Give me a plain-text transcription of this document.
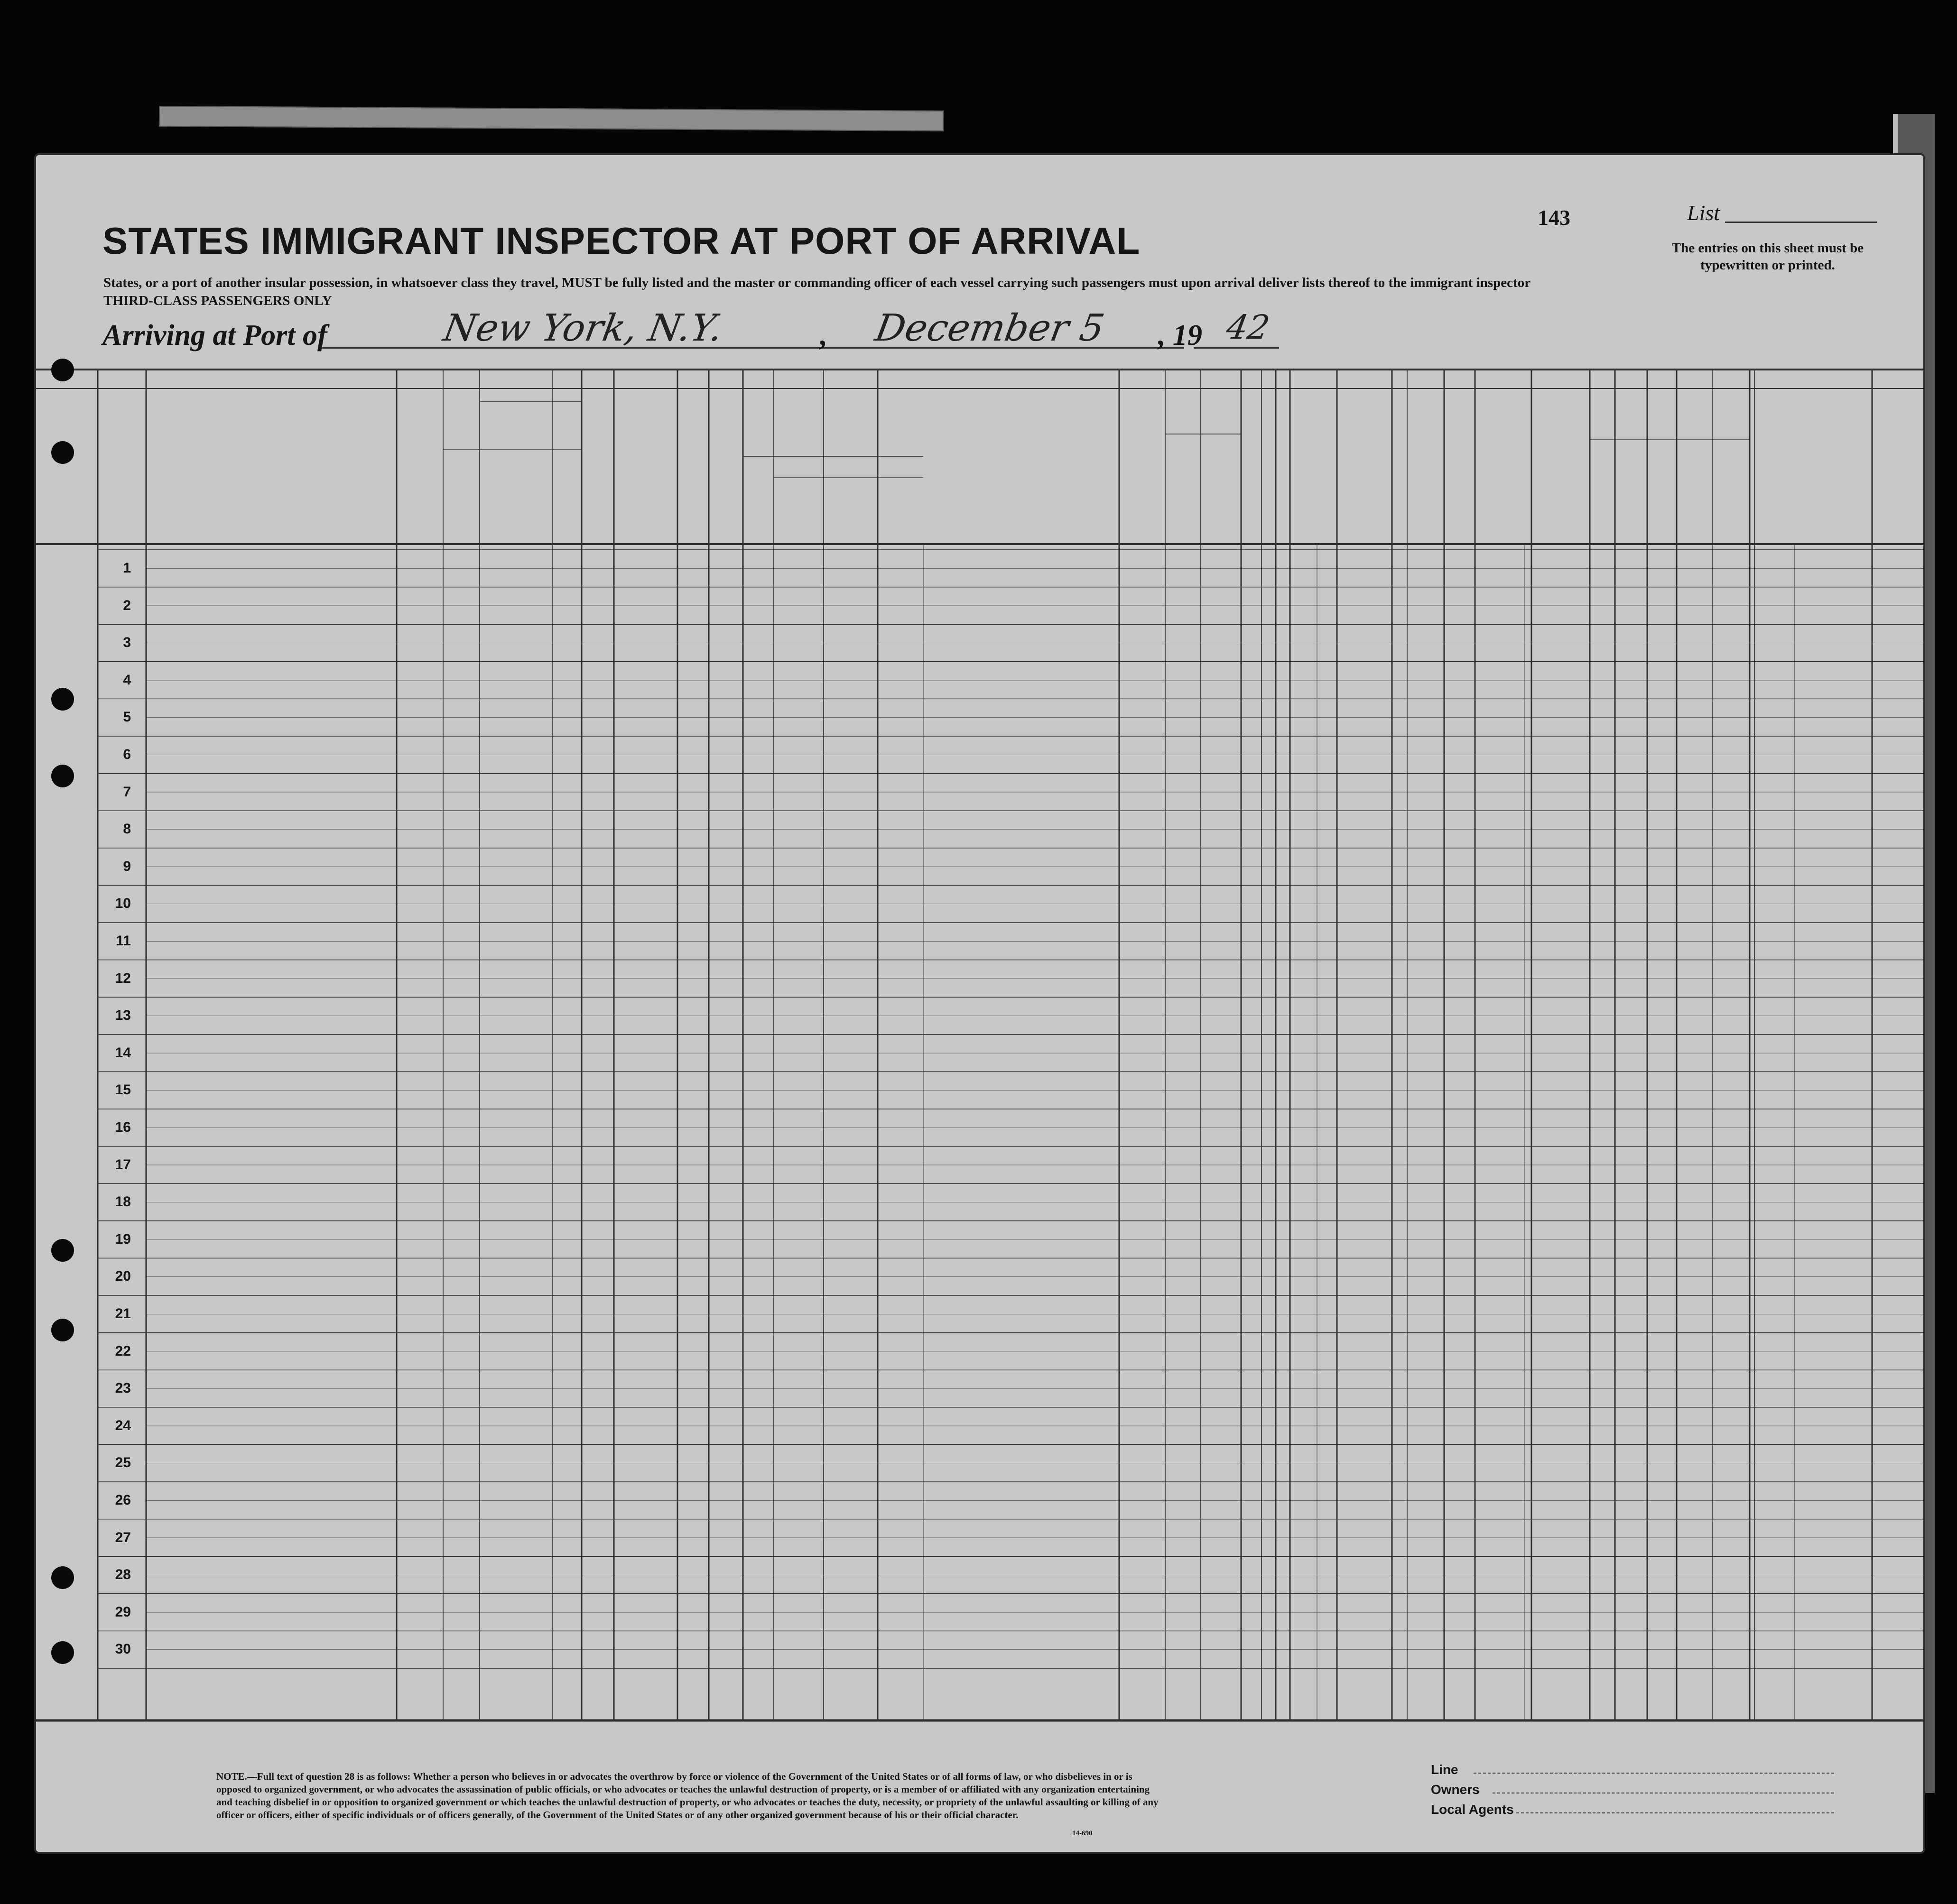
STATES IMMIGRANT INSPECTOR AT PORT OF ARRIVAL
States, or a port of another insular possession, in whatsoever class they travel, MUST be fully listed and the master or commanding officer of each vessel carrying such passengers must upon arrival deliver lists thereof to the immigrant inspector
THIRD-CLASS PASSENGERS ONLY
143	List
The entries on this sheet must be typewritten or printed.
Arriving at Port of	New York, N.Y.	, December 5 , 19 42
1
2
3
4
5
6
7
8
9
10
11
12
13
14
15
16
17
18
19
20
21
22
23
24
25
26
27
28
29
30
NOTE.—Full text of question 28 is as follows: Whether a person who believes in or advocates the overthrow by force or violence of the Government of the United States or of all forms of law, or who disbelieves in or is opposed to organized government, or who advocates the assassination of public officials, or who advocates or teaches the unlawful destruction of property, or is a member of or affiliated with any organization entertaining and teaching disbelief in or opposition to organized government or which teaches the unlawful destruction of property, or who advocates or teaches the duty, necessity, or propriety of the unlawful assaulting or killing of any officer or officers, either of specific individuals or of officers generally, of the Government of the United States or of any other organized government because of his or their official character.
14-690
Line
Owners
Local Agents
